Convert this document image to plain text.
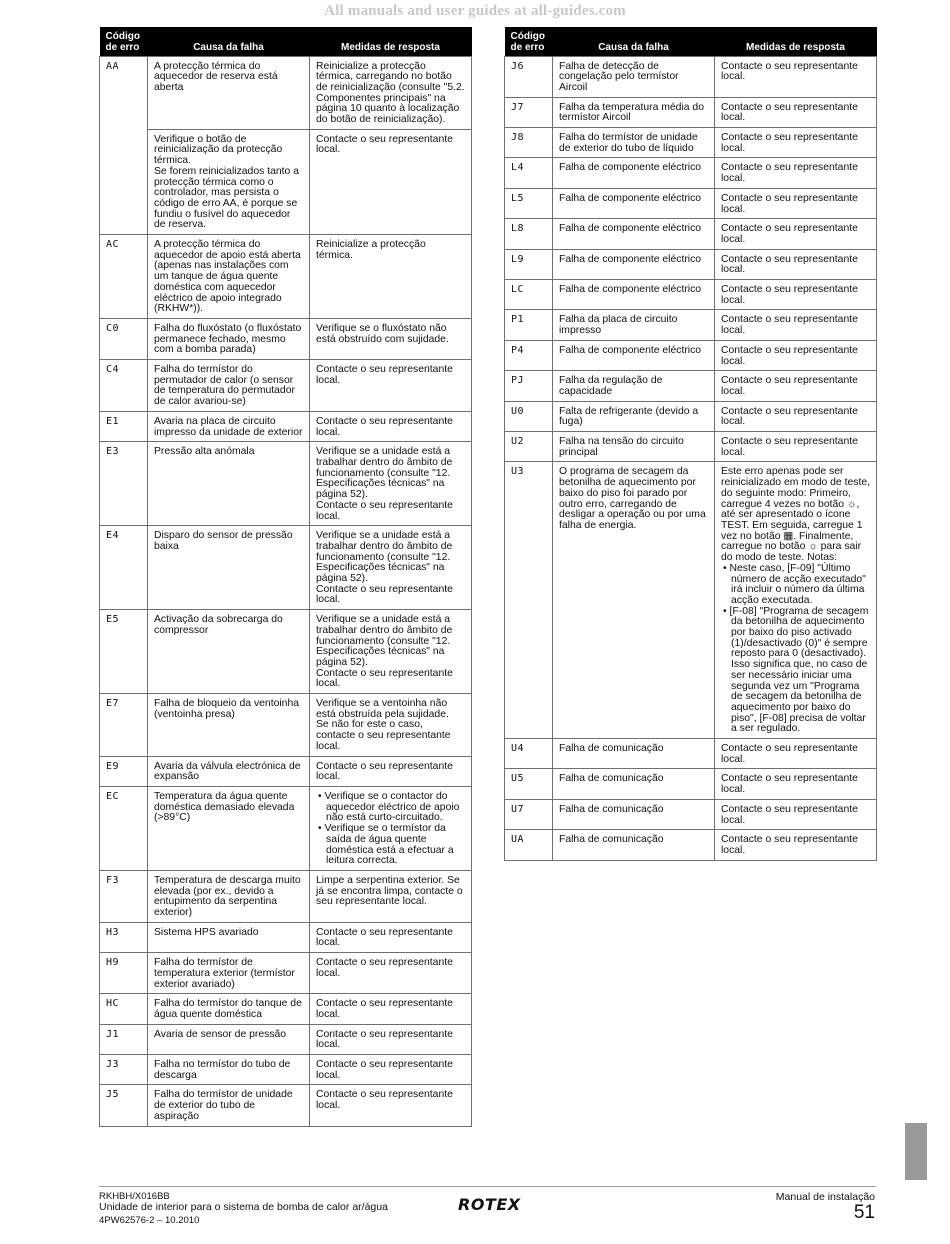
All manuals and user guides at all-guides.com
Código
de erro	Causa da falha	Medidas de resposta
AA	A protecção térmica do aquecedor de reserva está aberta	Reinicialize a protecção térmica, carregando no botão de reinicialização (consulte "5.2. Componentes principais" na página 10 quanto à localização do botão de reinicialização).

	Verifique o botão de reinicialização da protecção térmica.
Se forem reinicializados tanto a protecção térmica como o controlador, mas persista o código de erro AA, é porque se fundiu o fusível do aquecedor de reserva.	Contacte o seu representante local.

AC	A protecção térmica do aquecedor de apoio está aberta (apenas nas instalações com um tanque de água quente doméstica com aquecedor eléctrico de apoio integrado (RKHW*)).	Reinicialize a protecção térmica.

C0	Falha do fluxóstato (o fluxóstato permanece fechado, mesmo com a bomba parada)	Verifique se o fluxóstato não está obstruído com sujidade.

C4	Falha do termístor do permutador de calor (o sensor de temperatura do permutador de calor avariou-se)	Contacte o seu representante local.

E1	Avaria na placa de circuito impresso da unidade de exterior	Contacte o seu representante local.

E3	Pressão alta anómala	Verifique se a unidade está a trabalhar dentro do âmbito de funcionamento (consulte "12. Especificações técnicas" na página 52).
Contacte o seu representante local.

E4	Disparo do sensor de pressão baixa	Verifique se a unidade está a trabalhar dentro do âmbito de funcionamento (consulte "12. Especificações técnicas" na página 52).
Contacte o seu representante local.

E5	Activação da sobrecarga do compressor	Verifique se a unidade está a trabalhar dentro do âmbito de funcionamento (consulte "12. Especificações técnicas" na página 52).
Contacte o seu representante local.

E7	Falha de bloqueio da ventoinha (ventoinha presa)	Verifique se a ventoinha não está obstruída pela sujidade.
Se não for este o caso, contacte o seu representante local.

E9	Avaria da válvula electrónica de expansão	Contacte o seu representante local.

EC	Temperatura da água quente doméstica demasiado elevada (>89°C)	• Verifique se o contactor do aquecedor eléctrico de apoio não está curto-circuitado.
• Verifique se o termístor da saída de água quente doméstica está a efectuar a leitura correcta.

F3	Temperatura de descarga muito elevada (por ex., devido a entupimento da serpentina exterior)	Limpe a serpentina exterior. Se já se encontra limpa, contacte o seu representante local.

H3	Sistema HPS avariado	Contacte o seu representante local.

H9	Falha do termístor de temperatura exterior (termístor exterior avariado)	Contacte o seu representante local.

HC	Falha do termístor do tanque de água quente doméstica	Contacte o seu representante local.

J1	Avaria de sensor de pressão	Contacte o seu representante local.

J3	Falha no termístor do tubo de descarga	Contacte o seu representante local.

J5	Falha do termístor de unidade de exterior do tubo de aspiração	Contacte o seu representante local.
Código
de erro	Causa da falha	Medidas de resposta
J6	Falha de detecção de congelação pelo termístor Aircoil	Contacte o seu representante local.

J7	Falha da temperatura média do termístor Aircoil	Contacte o seu representante local.

J8	Falha do termístor de unidade de exterior do tubo de líquido	Contacte o seu representante local.

L4	Falha de componente eléctrico	Contacte o seu representante local.

L5	Falha de componente eléctrico	Contacte o seu representante local.

L8	Falha de componente eléctrico	Contacte o seu representante local.

L9	Falha de componente eléctrico	Contacte o seu representante local.

LC	Falha de componente eléctrico	Contacte o seu representante local.

P1	Falha da placa de circuito impresso	Contacte o seu representante local.

P4	Falha de componente eléctrico	Contacte o seu representante local.

PJ	Falha da regulação de capacidade	Contacte o seu representante local.

U0	Falta de refrigerante (devido a fuga)	Contacte o seu representante local.

U2	Falha na tensão do circuito principal	Contacte o seu representante local.

U3	O programa de secagem da betonilha de aquecimento por baixo do piso foi parado por outro erro, carregando de desligar a operação ou por uma falha de energia.	Este erro apenas pode ser reinicializado em modo de teste, do seguinte modo: Primeiro, carregue 4 vezes no botão ☼, até ser apresentado o ícone TEST. Em seguida, carregue 1 vez no botão ▦. Finalmente, carregue no botão ☼ para sair do modo de teste. Notas:
• Neste caso, [F-09] "Último número de acção executado" irá incluir o número da última acção executada.
• [F-08] "Programa de secagem da betonilha de aquecimento por baixo do piso activado (1)/desactivado (0)" é sempre reposto para 0 (desactivado). Isso significa que, no caso de ser necessário iniciar uma segunda vez um "Programa de secagem da betonilha de aquecimento por baixo do piso", [F-08] precisa de voltar a ser regulado.

U4	Falha de comunicação	Contacte o seu representante local.

U5	Falha de comunicação	Contacte o seu representante local.

U7	Falha de comunicação	Contacte o seu representante local.

UA	Falha de comunicação	Contacte o seu representante local.
RKHBH/X016BB
Unidade de interior para o sistema de bomba de calor ar/água
4PW62576-2 – 10.2010
ROTEX	Manual de instalação
51
